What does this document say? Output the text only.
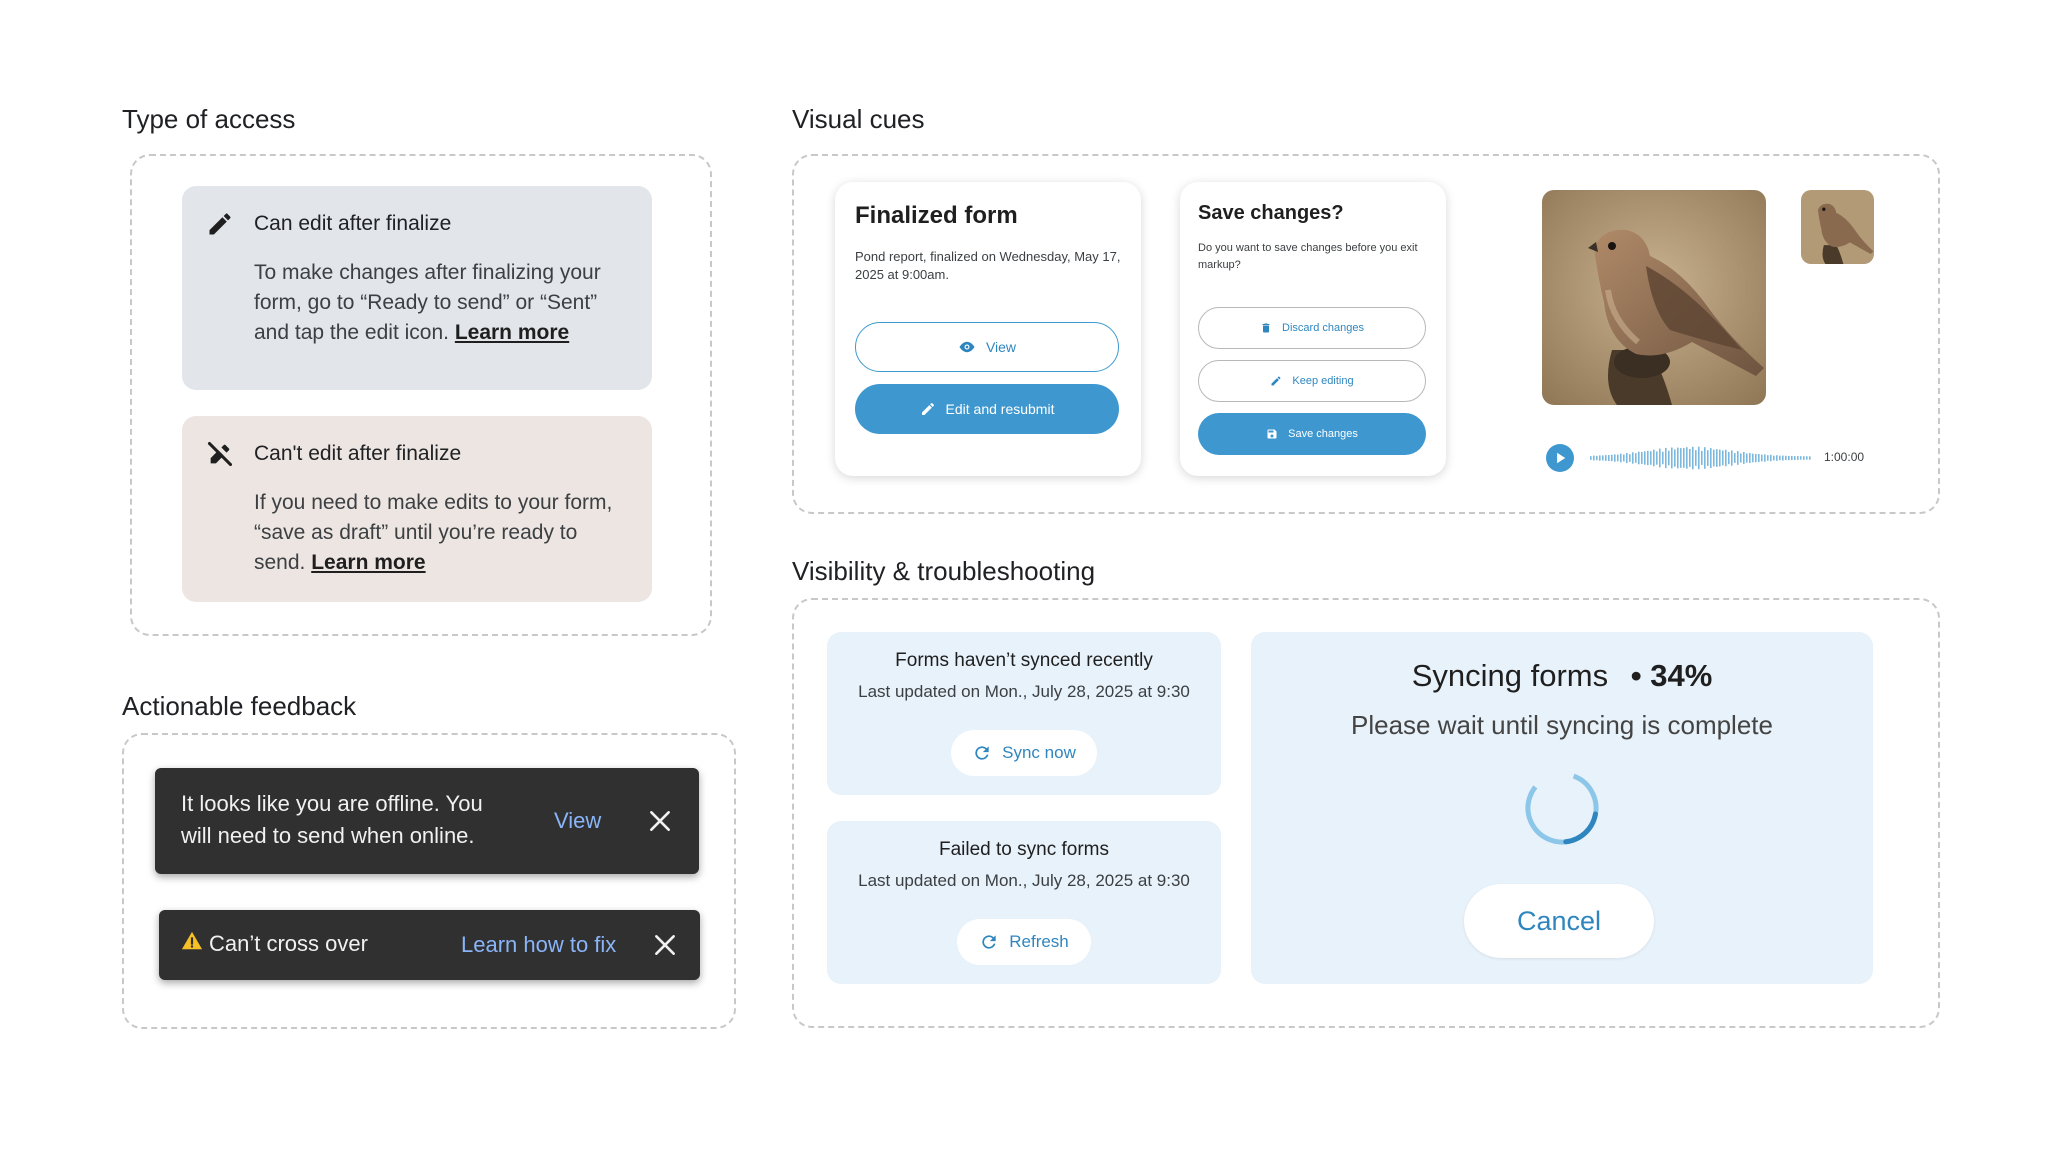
Type of access
Can edit after finalize
To make changes after finalizing your form, go to “Ready to send” or “Sent” and tap the edit icon. Learn more
Can't edit after finalize
If you need to make edits to your form, “save as draft” until you’re ready to send. Learn more
Actionable feedback
It looks like you are offline. You
will need to send when online.
View
Can’t cross over	Learn how to fix
Visual cues
Finalized form
Pond report, finalized on Wednesday, May 17, 2025 at 9:00am.
View
Edit and resubmit
Save changes?
Do you want to save changes before you exit markup?
Discard changes
Keep editing
Save changes
1:00:00
Visibility & troubleshooting
Forms haven’t synced recently
Last updated on Mon., July 28, 2025 at 9:30
Sync now
Failed to sync forms
Last updated on Mon., July 28, 2025 at 9:30
Refresh
Syncing forms • 34%
Please wait until syncing is complete
Cancel
